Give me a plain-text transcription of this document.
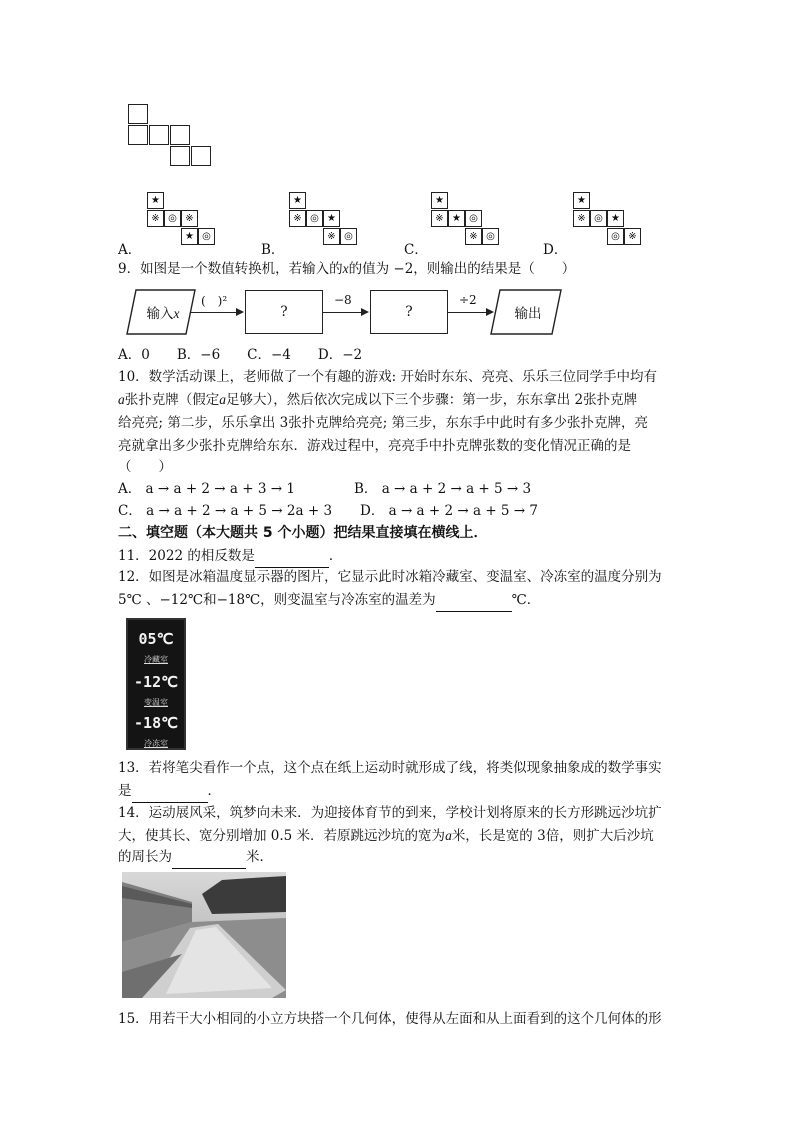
A．
★
※ ◎ ※
★ ◎
B．
★
※ ◎ ★
※ ◎
C．
★
※ ★ ◎
※ ◎
D．
★
※ ◎ ★
◎ ※
9．如图是一个数值转换机，若输入的x的值为 −2，则输出的结果是（　　）
输入x
(　)²
?
−8
?
÷2
输出
A．0　　B．−6　　C．−4　　D．−2
10．数学活动课上，老师做了一个有趣的游戏: 开始时东东、亮亮、乐乐三位同学手中均有
a张扑克牌（假定a足够大），然后依次完成以下三个步骤：第一步，东东拿出 2张扑克牌
给亮亮; 第二步，乐乐拿出 3张扑克牌给亮亮; 第三步，东东手中此时有多少张扑克牌，亮
亮就拿出多少张扑克牌给东东．游戏过程中，亮亮手中扑克牌张数的变化情况正确的是
（　　）
A． a → a + 2 → a + 3 → 1	B． a → a + 2 → a + 5 → 3
C． a → a + 2 → a + 5 → 2a + 3 D． a → a + 2 → a + 5 → 7
二、填空题（本大题共 5 个小题）把结果直接填在横线上．
11．2022 的相反数是	．
12．如图是冰箱温度显示器的图片，它显示此时冰箱冷藏室、变温室、冷冻室的温度分别为
5℃ 、−12℃和−18℃，则变温室与冷冻室的温差为	℃．
05℃
冷藏室
-12℃
变温室
-18℃
冷冻室
13．若将笔尖看作一个点，这个点在纸上运动时就形成了线，将类似现象抽象成的数学事实
是	．
14．运动展风采，筑梦向未来．为迎接体育节的到来，学校计划将原来的长方形跳远沙坑扩
大，使其长、宽分别增加 0.5 米．若原跳远沙坑的宽为a米，长是宽的 3倍，则扩大后沙坑
的周长为	米．
15．用若干大小相同的小立方块搭一个几何体，使得从左面和从上面看到的这个几何体的形
